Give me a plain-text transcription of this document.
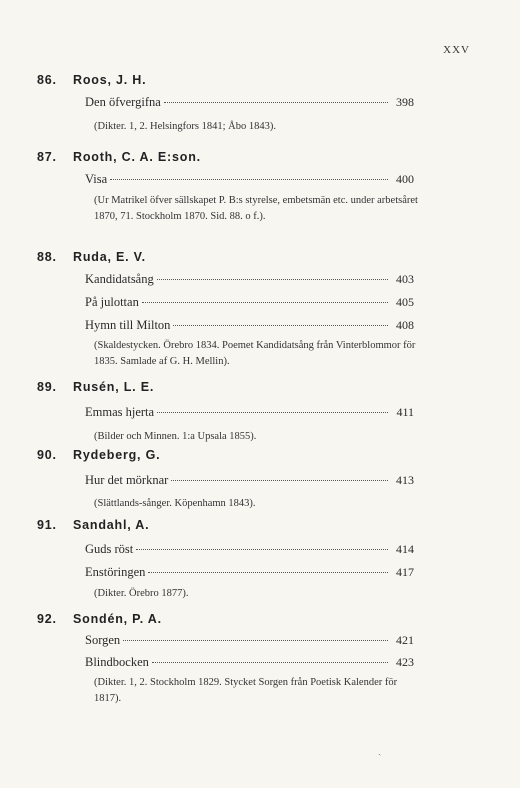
XXV
86. Roos, J. H.
Den öfvergifna	398
(Dikter. 1, 2. Helsingfors 1841; Åbo 1843).
87. Rooth, C. A. E:son.
Visa	400
(Ur Matrikel öfver sällskapet P. B:s styrelse, embetsmän etc. under arbetsåret 1870, 71. Stockholm 1870. Sid. 88. o f.).
88. Ruda, E. V.
Kandidatsång	403
På julottan	405
Hymn till Milton	408
(Skaldestycken. Örebro 1834. Poemet Kandidatsång från Vinterblommor för 1835. Samlade af G. H. Mellin).
89. Rusén, L. E.
Emmas hjerta	411
(Bilder och Minnen. 1:a Upsala 1855).
90. Rydeberg, G.
Hur det mörknar	413
(Slättlands-sånger. Köpenhamn 1843).
91. Sandahl, A.
Guds röst	414
Enstöringen	417
(Dikter. Örebro 1877).
92. Sondén, P. A.
Sorgen	421
Blindbocken	423
(Dikter. 1, 2. Stockholm 1829. Stycket Sorgen från Poetisk Kalender för 1817).
ˏ
